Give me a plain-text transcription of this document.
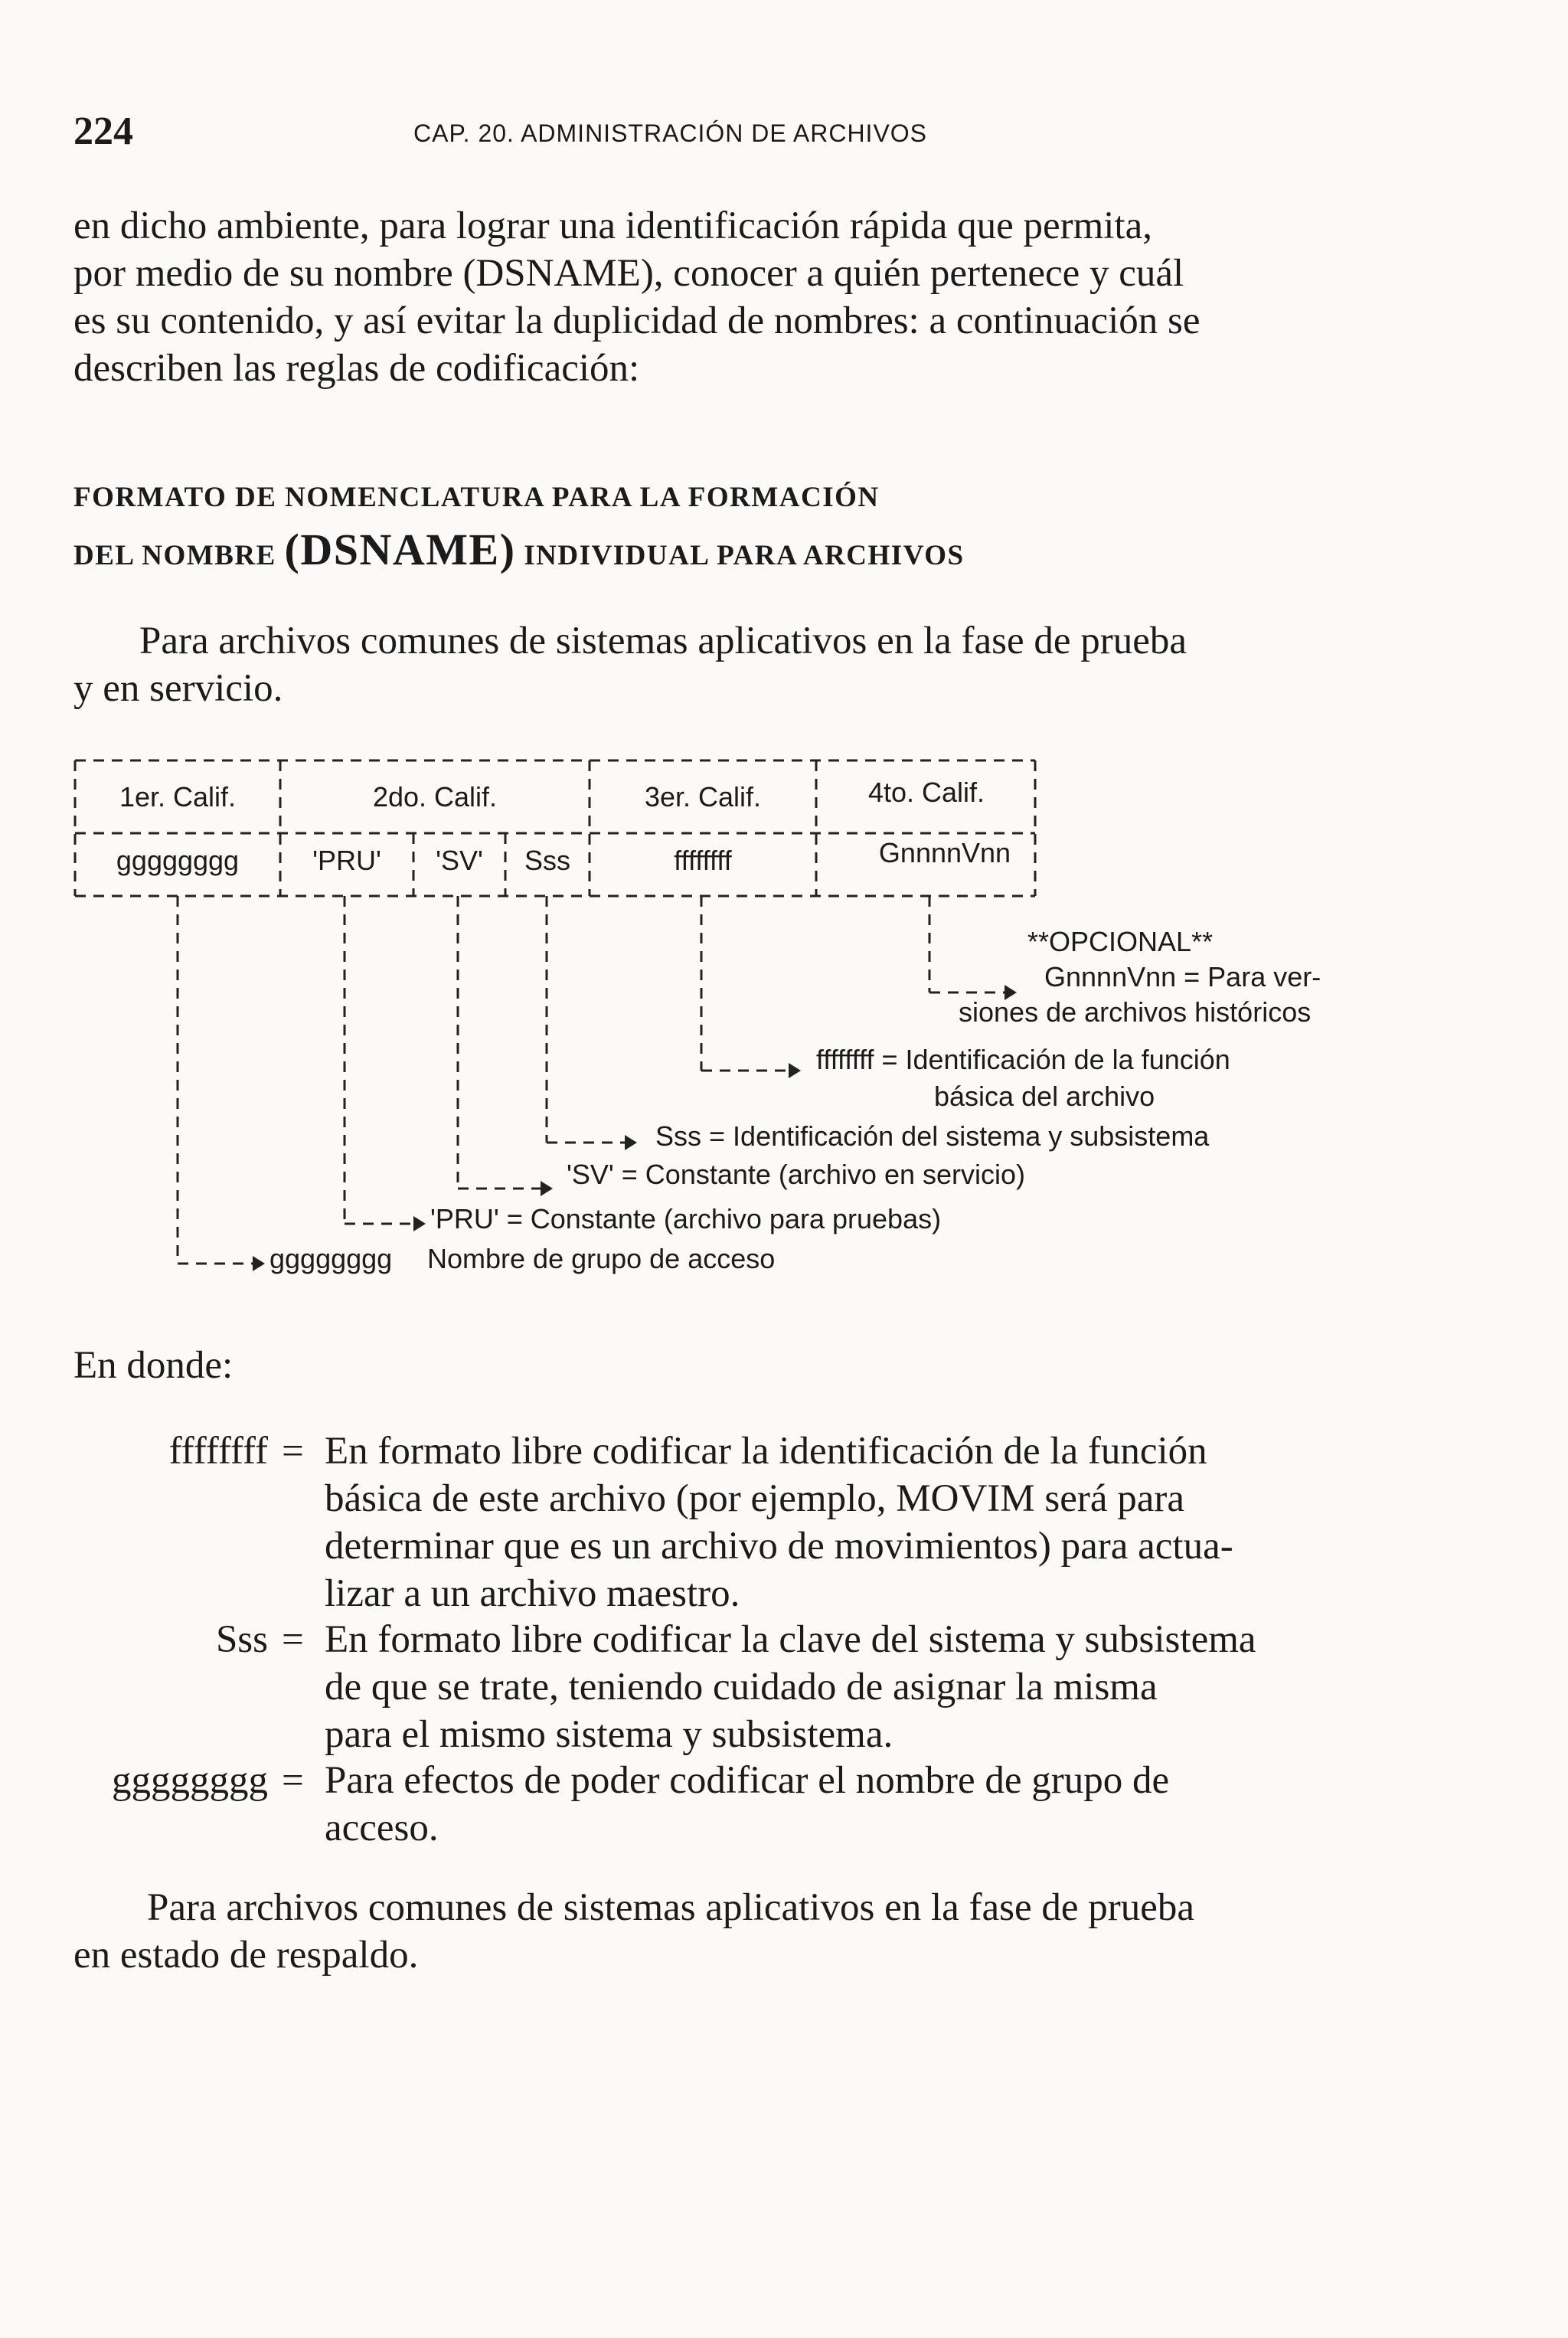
224	CAP. 20. ADMINISTRACIÓN DE ARCHIVOS
en dicho ambiente, para lograr una identificación rápida que permita,
por medio de su nombre (DSNAME), conocer a quién pertenece y cuál
es su contenido, y así evitar la duplicidad de nombres: a continuación se
describen las reglas de codificación:
FORMATO DE NOMENCLATURA PARA LA FORMACIÓN
DEL NOMBRE (DSNAME) INDIVIDUAL PARA ARCHIVOS
Para archivos comunes de sistemas aplicativos en la fase de prueba
y en servicio.
1er. Calif.	2do. Calif.	3er. Calif.	4to. Calif.
gggggggg	'PRU' 'SV' Sss	ffffffff	GnnnnVnn
**OPCIONAL**
GnnnnVnn = Para ver-
siones de archivos históricos
ffffffff = Identificación de la función
básica del archivo
Sss = Identificación del sistema y subsistema
'SV' = Constante (archivo en servicio)
'PRU' = Constante (archivo para pruebas)
gggggggg Nombre de grupo de acceso
En donde:
ffffffff = En formato libre codificar la identificación de la función
básica de este archivo (por ejemplo, MOVIM será para
determinar que es un archivo de movimientos) para actua-
lizar a un archivo maestro.
Sss = En formato libre codificar la clave del sistema y subsistema
de que se trate, teniendo cuidado de asignar la misma
para el mismo sistema y subsistema.
gggggggg = Para efectos de poder codificar el nombre de grupo de
acceso.
Para archivos comunes de sistemas aplicativos en la fase de prueba
en estado de respaldo.
